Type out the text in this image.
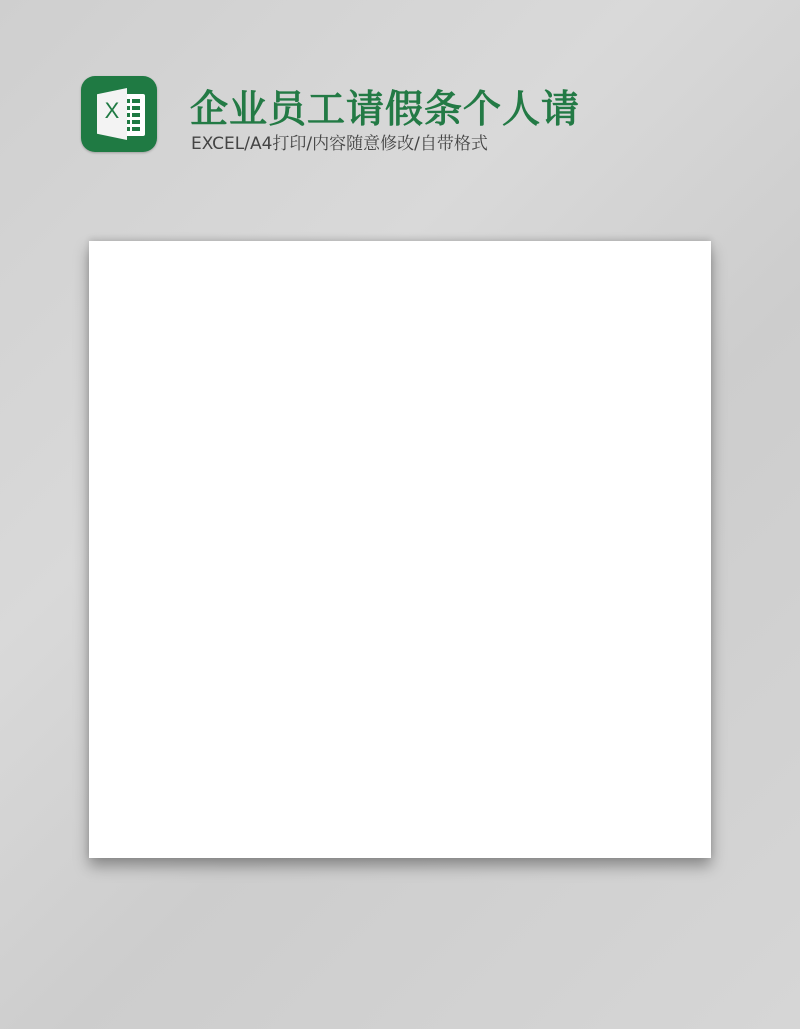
X 企业员工请假条个人请
EXCEL/A4打印/内容随意修改/自带格式
